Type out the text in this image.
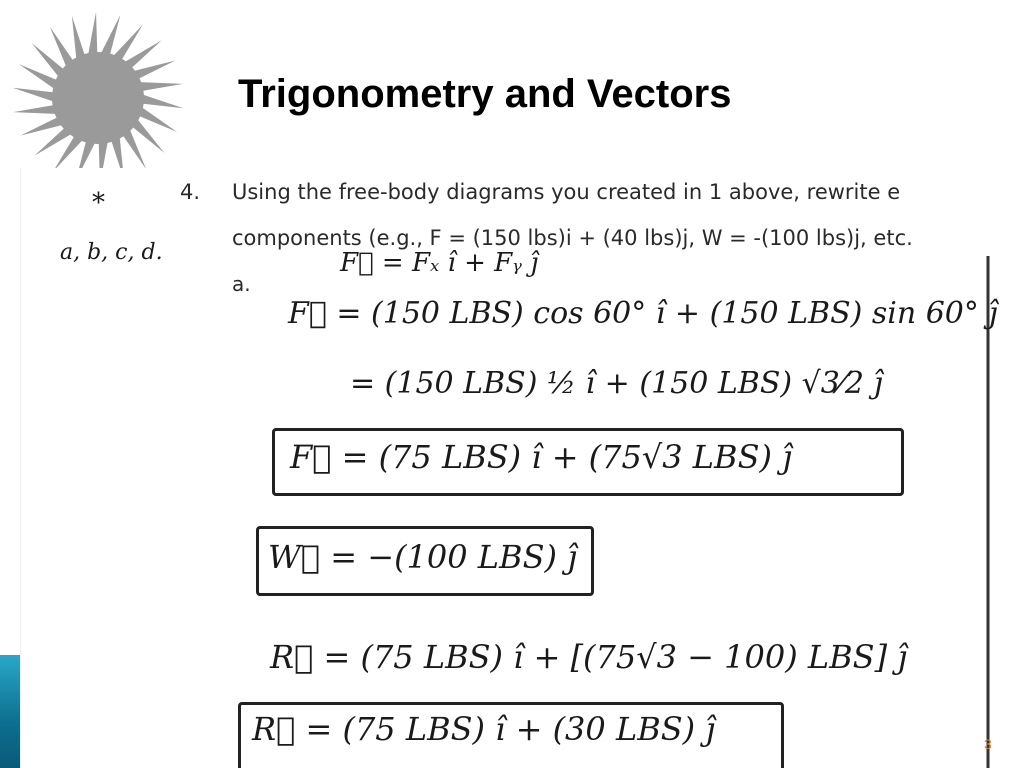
Trigonometry and Vectors
4. Using the free-body diagrams you created in 1 above, rewrite e
components (e.g., F = (150 lbs)i + (40 lbs)j, W = -(100 lbs)j, etc.
a.
*
a, b, c, d.	F⃗ = Fₓ î + Fᵧ ĵ
F⃗ = (150 LBS) cos 60° î + (150 LBS) sin 60° ĵ
= (150 LBS) ½ î + (150 LBS) √3⁄2 ĵ
F⃗ = (75 LBS) î + (75√3 LBS) ĵ
W⃗ = −(100 LBS) ĵ
R⃗ = (75 LBS) î + [(75√3 − 100) LBS] ĵ
R⃗ = (75 LBS) î + (30 LBS) ĵ	3
